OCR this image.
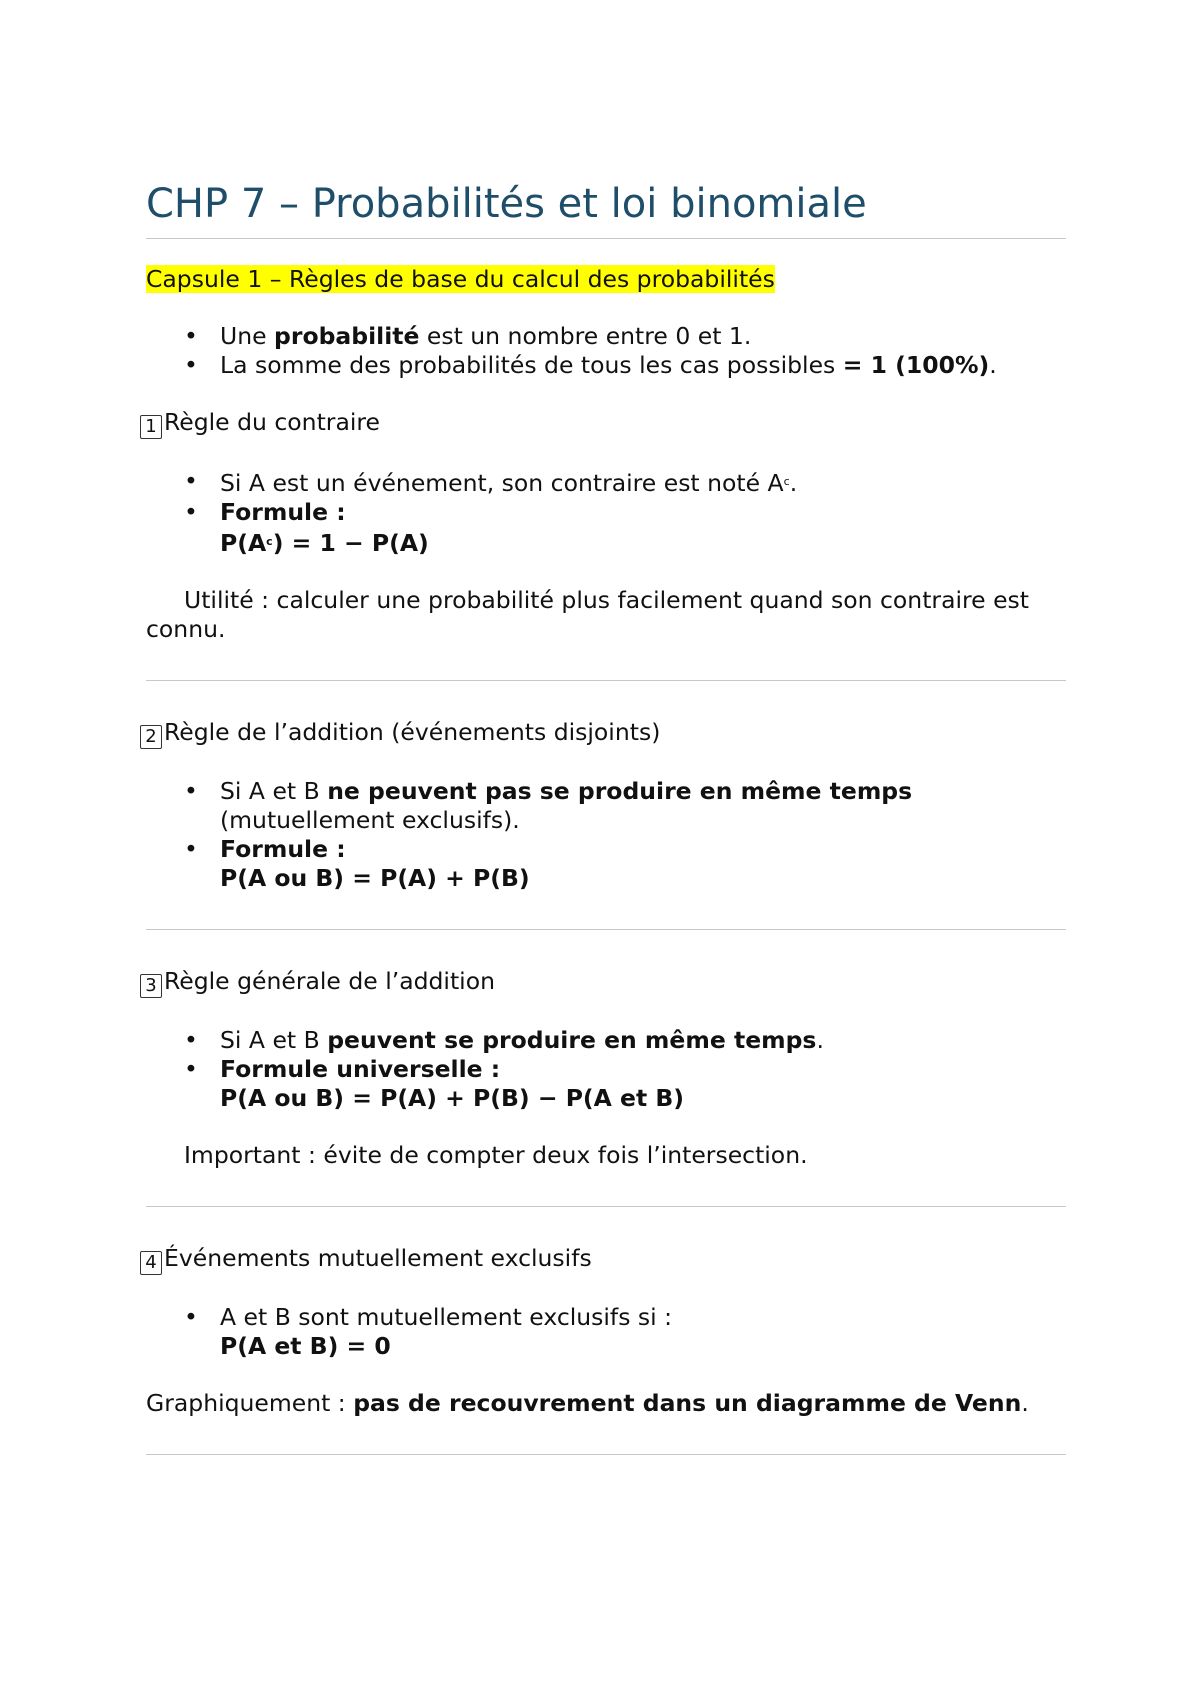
CHP 7 – Probabilités et loi binomiale
Capsule 1 – Règles de base du calcul des probabilités
• Une probabilité est un nombre entre 0 et 1.
• La somme des probabilités de tous les cas possibles = 1 (100%).
1 Règle du contraire
• Si A est un événement, son contraire est noté $A^c$.
• Formule :
$P(A^c) = 1 - P(A)$
Utilité : calculer une probabilité plus facilement quand son contraire est connu.
2 Règle de l’addition (événements disjoints)
• Si A et B ne peuvent pas se produire en même temps (mutuellement exclusifs).
• Formule :
P(A ou B) = P(A) + P(B)
3 Règle générale de l’addition
• Si A et B peuvent se produire en même temps.
• Formule universelle :
P(A ou B) = P(A) + P(B) − P(A et B)
Important : évite de compter deux fois l’intersection.
4 Événements mutuellement exclusifs
• A et B sont mutuellement exclusifs si :
P(A et B) = 0
Graphiquement : pas de recouvrement dans un diagramme de Venn.
